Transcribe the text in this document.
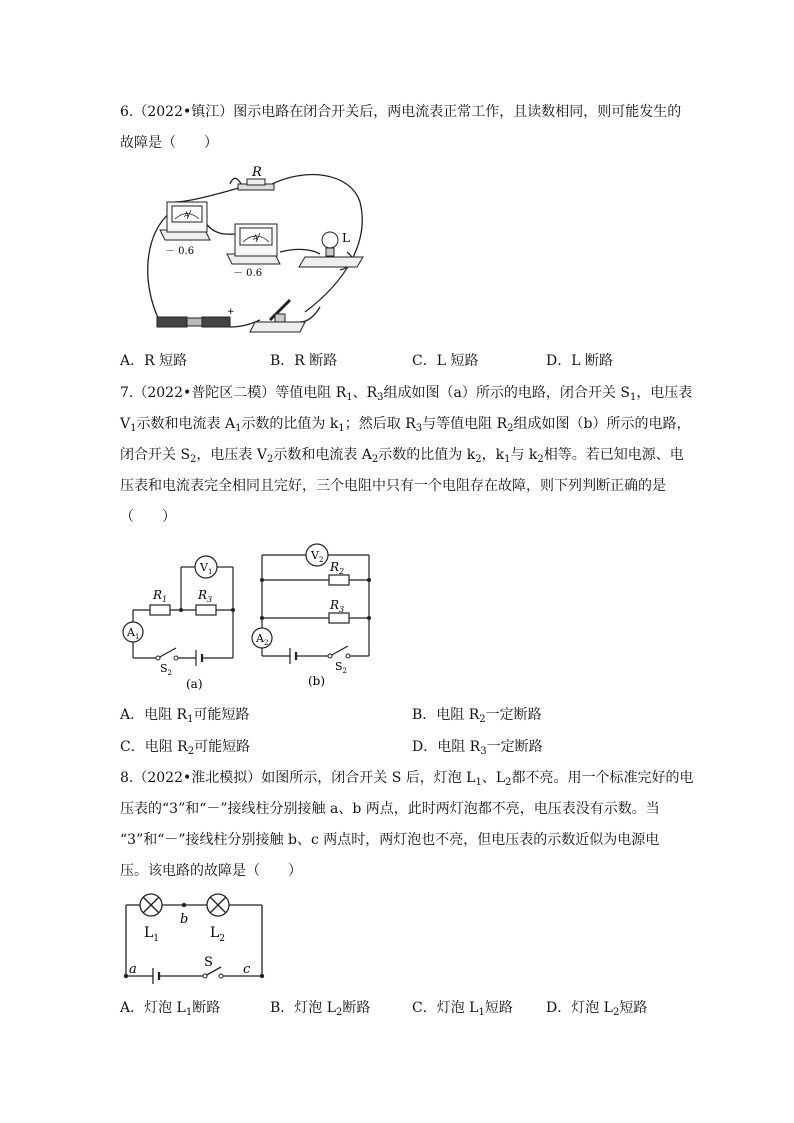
6.（2022•镇江）图示电路在闭合开关后，两电流表正常工作，且读数相同，则可能发生的
故障是（　　）
R
A
－ 0.6
A
－ 0.6
L
+
A．R 短路	B．R 断路	C．L 短路	D．L 断路
7.（2022•普陀区二模）等值电阻 $R_1$、$R_3$组成如图（a）所示的电路，闭合开关 $S_1$，电压表
$V_1$示数和电流表 $A_1$示数的比值为 $k_1$；然后取 $R_3$与等值电阻 $R_2$组成如图（b）所示的电路，
闭合开关 $S_2$，电压表 $V_2$示数和电流表 $A_2$示数的比值为 $k_2$，$k_1$与 $k_2$相等。若已知电源、电
压表和电流表完全相同且完好，三个电阻中只有一个电阻存在故障，则下列判断正确的是
（　　）
$V_1$
$R_1$	$R_3$
$A_1$
$S_2$
(a)
$V_2$ $R_2$
$R_3$
$A_2$
$S_2$
(b)
A．电阻 $R_1$可能短路	B．电阻 $R_2$一定断路
C．电阻 $R_2$可能短路	D．电阻 $R_3$一定断路
8.（2022•淮北模拟）如图所示，闭合开关 S 后，灯泡 $L_1$、$L_2$都不亮。用一个标准完好的电
压表的“3”和“－”接线柱分别接触 a、b 两点，此时两灯泡都不亮，电压表没有示数。当
“3”和“－”接线柱分别接触 b、c 两点时，两灯泡也不亮，但电压表的示数近似为电源电
压。该电路的故障是（　　）
b
$L_1$	$L_2$
a	c
S
A．灯泡 $L_1$断路	B．灯泡 $L_2$断路	C．灯泡 $L_1$短路 D．灯泡 $L_2$短路
